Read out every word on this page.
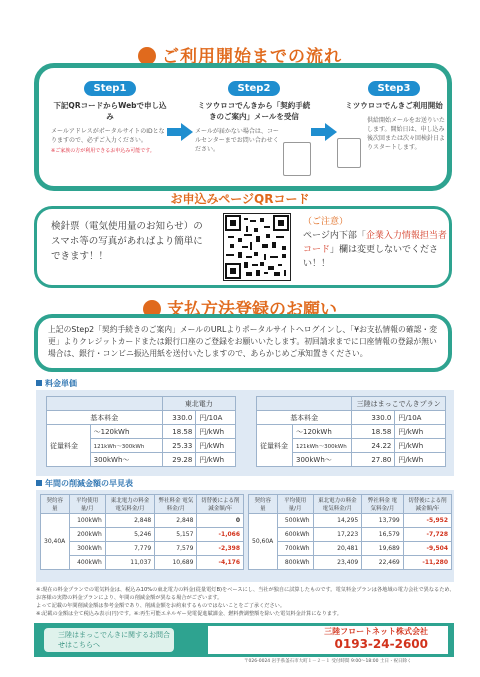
ご利用開始までの流れ
Step1
下記QRコードからWebで申し込み
メールアドレスがポータルサイトのIDとなりますので、必ずご入力ください。
※ご家族の方が利用できるお申込み可能です。
Step2
ミツウロコでんきから「契約手続きのご案内」メールを受信
メールが届かない場合は、コールセンターまでお問い合わせください。
Step3
ミツウロコでんきご利用開始
供給開始メールをお送りいたします。開始日は、申し込み後次回または次々回検針日よりスタートします。
お申込みページQRコード
検針票（電気使用量のお知らせ）のスマホ等の写真があればより簡単にできます！！
（ご注意）
ページ内下部「企業入力情報担当者コード」欄は変更しないでください！！
支払方法登録のお願い
上記のStep2「契約手続きのご案内」メールのURLよりポータルサイトへログインし、「¥お支払情報の確認・変更」よりクレジットカードまたは銀行口座のご登録をお願いいたします。初回請求までに口座情報の登録が無い場合は、銀行・コンビニ振込用紙を送付いたしますので、あらかじめご承知置きください。
料金単価
		東北電力	
基本料金		330.0	円/10A
従量料金	～120kWh	18.58	円/kWh
	121kWh～300kWh	25.33	円/kWh
	300kWh～	29.28	円/kWh
		三陸はまっこでんきプラン	
基本料金		330.0	円/10A
従量料金	～120kWh	18.58	円/kWh
	121kWh～300kWh	24.22	円/kWh
	300kWh～	27.80	円/kWh
年間の削減金額の早見表
契約容量	平均使用量/月	東北電力の料金 電気料金/月	弊社料金 電気料金/月	切替後による削減金額/年
30,40A	100kWh	2,848	2,848	0
	200kWh	5,246	5,157	-1,066
	300kWh	7,779	7,579	-2,398
	400kWh	11,037	10,689	-4,176
契約容量	平均使用量/月	東北電力の料金 電気料金/月	弊社料金 電気料金/月	切替後による削減金額/年
50,60A	500kWh	14,295	13,799	-5,952
	600kWh	17,223	16,579	-7,728
	700kWh	20,481	19,689	-9,504
	800kWh	23,409	22,469	-11,280
※:現在の料金プランでの電気料金は、税込み10%の東北電力の料金(従量電灯B)をベースにし、当社が独自に試算したものです。電気料金プランは各地域の電力会社で異なるため、お客様の実際の料金プランにより、年間の削減金額が異なる場合がございます。
よって記載の年間削減金額は参考金額であり、削減金額をお約束するものではないことをご了承ください。
※:記載の金額は全て税込み表示(円)です。※:再生可能エネルギー発電促進賦課金、燃料費調整額を除いた電気料金計算になります。
三陸はまっこでんきに関するお問合せはこちらへ
三陸フロートネット株式会社
0193-24-2600
〒026-0024 岩手県釜石市大町１－２－１ 受付時間 9:00～18:00 土日・祝日除く
